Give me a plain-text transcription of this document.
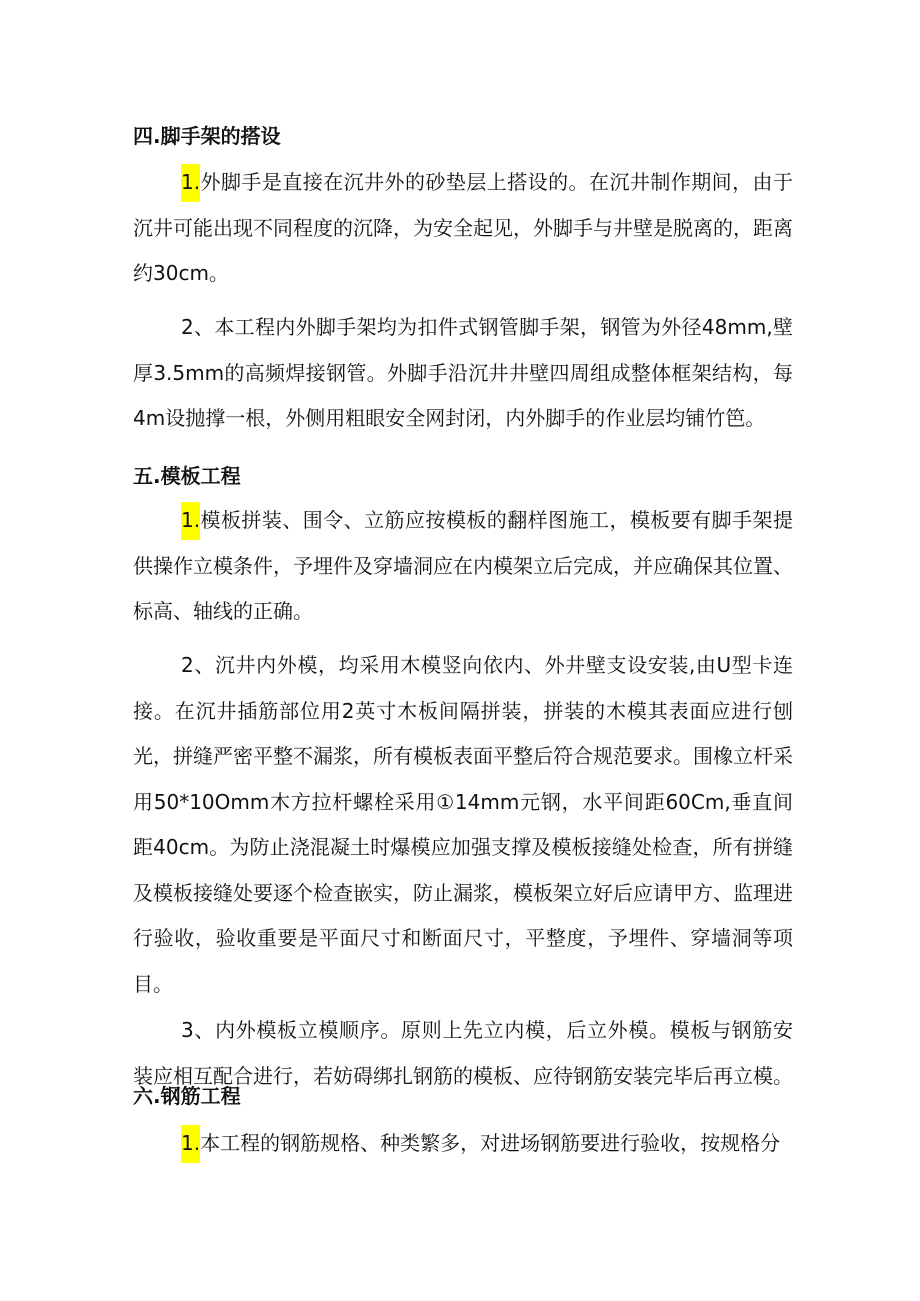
四.脚手架的搭设
1.外脚手是直接在沉井外的砂垫层上搭设的。在沉井制作期间，由于沉井可能出现不同程度的沉降，为安全起见，外脚手与井壁是脱离的，距离约30cm。
2、本工程内外脚手架均为扣件式钢管脚手架，钢管为外径48mm,壁厚3.5mm的高频焊接钢管。外脚手沿沉井井壁四周组成整体框架结构，每4m设抛撑一根，外侧用粗眼安全网封闭，内外脚手的作业层均铺竹笆。
五.模板工程
1.模板拼装、围令、立筋应按模板的翻样图施工，模板要有脚手架提供操作立模条件，予埋件及穿墙洞应在内模架立后完成，并应确保其位置、标高、轴线的正确。
2、沉井内外模，均采用木模竖向依内、外井壁支设安装,由U型卡连接。在沉井插筋部位用2英寸木板间隔拼装，拼装的木模其表面应进行刨光，拼缝严密平整不漏浆，所有模板表面平整后符合规范要求。围橡立杆采用50*10Omm木方拉杆螺栓采用①14mm元钢，水平间距60Cm,垂直间距40cm。为防止浇混凝土时爆模应加强支撑及模板接缝处检查，所有拼缝及模板接缝处要逐个检查嵌实，防止漏浆，模板架立好后应请甲方、监理进行验收，验收重要是平面尺寸和断面尺寸，平整度，予埋件、穿墙洞等项目。
3、内外模板立模顺序。原则上先立内模，后立外模。模板与钢筋安装应相互配合进行，若妨碍绑扎钢筋的模板、应待钢筋安装完毕后再立模。
六.钢筋工程
1.本工程的钢筋规格、种类繁多，对进场钢筋要进行验收，按规格分
